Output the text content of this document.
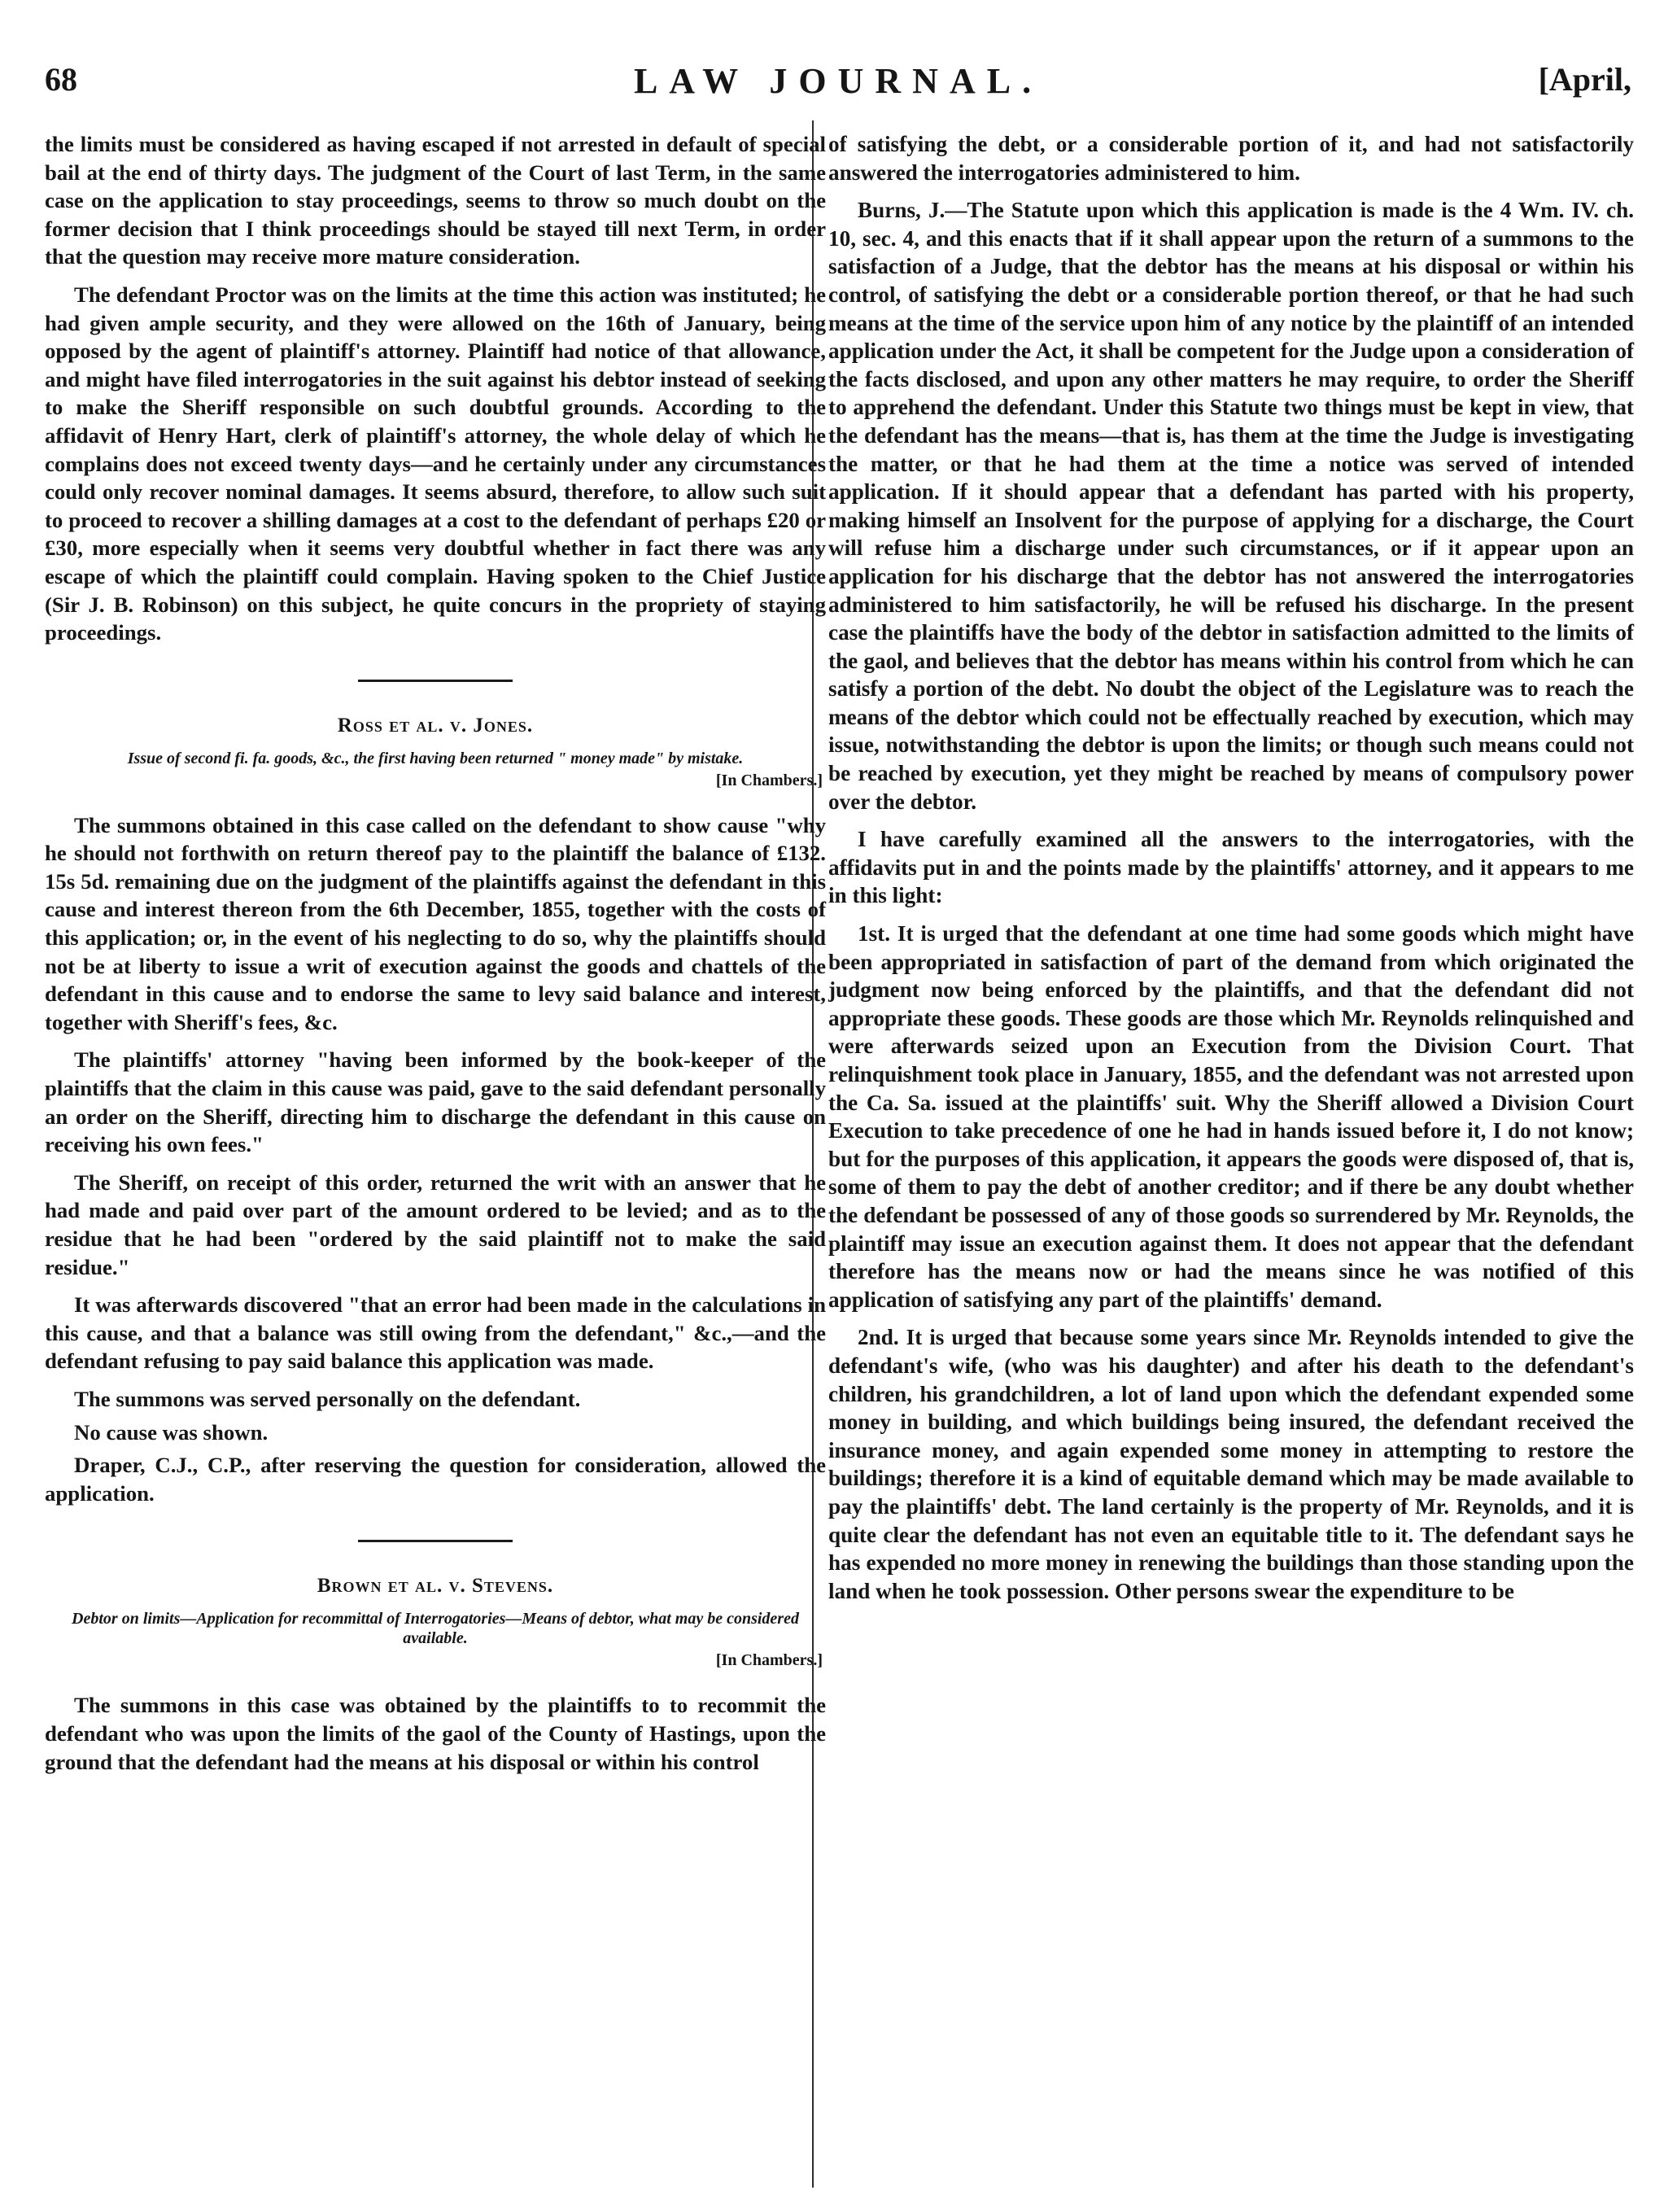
68	LAW JOURNAL.	[April,

the limits must be considered as having escaped if not arrested in default of special bail at the end of thirty days. The judgment of the Court of last Term, in the same case on the application to stay proceedings, seems to throw so much doubt on the former decision that I think proceedings should be stayed till next Term, in order that the question may receive more mature consideration.

The defendant Proctor was on the limits at the time this action was instituted; he had given ample security, and they were allowed on the 16th of January, being opposed by the agent of plaintiff's attorney. Plaintiff had notice of that allowance, and might have filed interrogatories in the suit against his debtor instead of seeking to make the Sheriff responsible on such doubtful grounds. According to the affidavit of Henry Hart, clerk of plaintiff's attorney, the whole delay of which he complains does not exceed twenty days—and he certainly under any circumstances could only recover nominal damages. It seems absurd, therefore, to allow such suit to proceed to recover a shilling damages at a cost to the defendant of perhaps £20 or £30, more especially when it seems very doubtful whether in fact there was any escape of which the plaintiff could complain. Having spoken to the Chief Justice (Sir J. B. Robinson) on this subject, he quite concurs in the propriety of staying proceedings.

Ross et al. v. Jones.

Issue of second fi. fa. goods, &c., the first having been returned " money made" by mistake.

[In Chambers.]

The summons obtained in this case called on the defendant to show cause "why he should not forthwith on return thereof pay to the plaintiff the balance of £132. 15s 5d. remaining due on the judgment of the plaintiffs against the defendant in this cause and interest thereon from the 6th December, 1855, together with the costs of this application; or, in the event of his neglecting to do so, why the plaintiffs should not be at liberty to issue a writ of execution against the goods and chattels of the defendant in this cause and to endorse the same to levy said balance and interest, together with Sheriff's fees, &c.

The plaintiffs' attorney "having been informed by the book-keeper of the plaintiffs that the claim in this cause was paid, gave to the said defendant personally an order on the Sheriff, directing him to discharge the defendant in this cause on receiving his own fees."

The Sheriff, on receipt of this order, returned the writ with an answer that he had made and paid over part of the amount ordered to be levied; and as to the residue that he had been "ordered by the said plaintiff not to make the said residue."

It was afterwards discovered "that an error had been made in the calculations in this cause, and that a balance was still owing from the defendant," &c.,—and the defendant refusing to pay said balance this application was made.

The summons was served personally on the defendant.

No cause was shown.

Draper, C.J., C.P., after reserving the question for consideration, allowed the application.

Brown et al. v. Stevens.

Debtor on limits—Application for recommittal of Interrogatories—Means of debtor, what may be considered available.

[In Chambers.]

The summons in this case was obtained by the plaintiffs to to recommit the defendant who was upon the limits of the gaol of the County of Hastings, upon the ground that the defendant had the means at his disposal or within his control

of satisfying the debt, or a considerable portion of it, and had not satisfactorily answered the interrogatories administered to him.

Burns, J.—The Statute upon which this application is made is the 4 Wm. IV. ch. 10, sec. 4, and this enacts that if it shall appear upon the return of a summons to the satisfaction of a Judge, that the debtor has the means at his disposal or within his control, of satisfying the debt or a considerable portion thereof, or that he had such means at the time of the service upon him of any notice by the plaintiff of an intended application under the Act, it shall be competent for the Judge upon a consideration of the facts disclosed, and upon any other matters he may require, to order the Sheriff to apprehend the defendant. Under this Statute two things must be kept in view, that the defendant has the means—that is, has them at the time the Judge is investigating the matter, or that he had them at the time a notice was served of intended application. If it should appear that a defendant has parted with his property, making himself an Insolvent for the purpose of applying for a discharge, the Court will refuse him a discharge under such circumstances, or if it appear upon an application for his discharge that the debtor has not answered the interrogatories administered to him satisfactorily, he will be refused his discharge. In the present case the plaintiffs have the body of the debtor in satisfaction admitted to the limits of the gaol, and believes that the debtor has means within his control from which he can satisfy a portion of the debt. No doubt the object of the Legislature was to reach the means of the debtor which could not be effectually reached by execution, which may issue, notwithstanding the debtor is upon the limits; or though such means could not be reached by execution, yet they might be reached by means of compulsory power over the debtor.

I have carefully examined all the answers to the interrogatories, with the affidavits put in and the points made by the plaintiffs' attorney, and it appears to me in this light:

1st. It is urged that the defendant at one time had some goods which might have been appropriated in satisfaction of part of the demand from which originated the judgment now being enforced by the plaintiffs, and that the defendant did not appropriate these goods. These goods are those which Mr. Reynolds relinquished and were afterwards seized upon an Execution from the Division Court. That relinquishment took place in January, 1855, and the defendant was not arrested upon the Ca. Sa. issued at the plaintiffs' suit. Why the Sheriff allowed a Division Court Execution to take precedence of one he had in hands issued before it, I do not know; but for the purposes of this application, it appears the goods were disposed of, that is, some of them to pay the debt of another creditor; and if there be any doubt whether the defendant be possessed of any of those goods so surrendered by Mr. Reynolds, the plaintiff may issue an execution against them. It does not appear that the defendant therefore has the means now or had the means since he was notified of this application of satisfying any part of the plaintiffs' demand.

2nd. It is urged that because some years since Mr. Reynolds intended to give the defendant's wife, (who was his daughter) and after his death to the defendant's children, his grandchildren, a lot of land upon which the defendant expended some money in building, and which buildings being insured, the defendant received the insurance money, and again expended some money in attempting to restore the buildings; therefore it is a kind of equitable demand which may be made available to pay the plaintiffs' debt. The land certainly is the property of Mr. Reynolds, and it is quite clear the defendant has not even an equitable title to it. The defendant says he has expended no more money in renewing the buildings than those standing upon the land when he took possession. Other persons swear the expenditure to be
